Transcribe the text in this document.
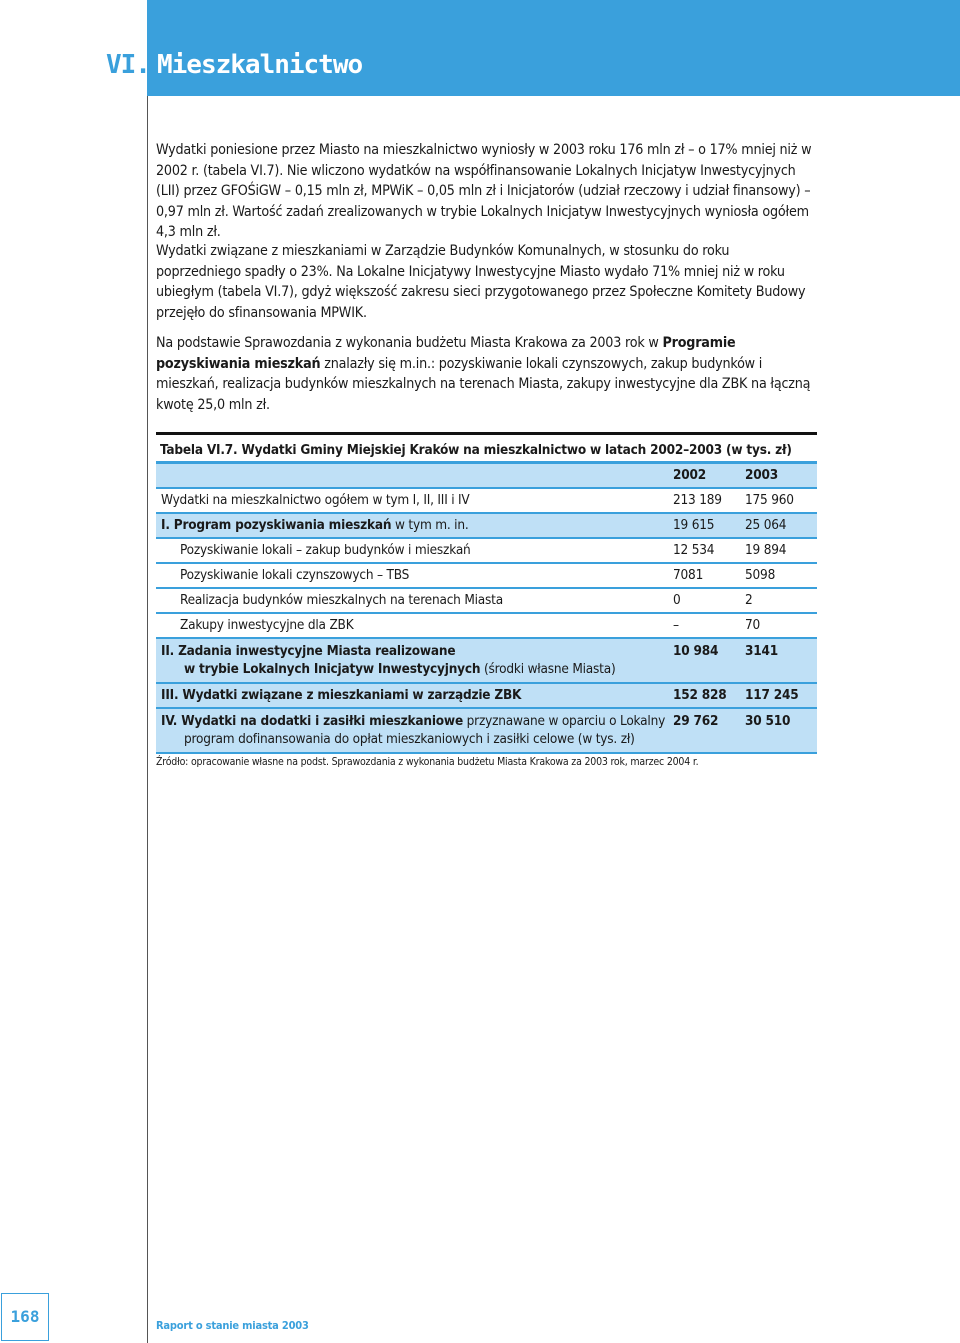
VI. Mieszkalnictwo

Wydatki poniesione przez Miasto na mieszkalnictwo wyniosły w 2003 roku 176 mln zł – o 17% mniej niż w 2002 r. (tabela VI.7). Nie wliczono wydatków na współfinansowanie Lokalnych Inicjatyw Inwestycyjnych (LII) przez GFOŚiGW – 0,15 mln zł, MPWiK – 0,05 mln zł i Inicjatorów (udział rzeczowy i udział finansowy) – 0,97 mln zł. Wartość zadań zrealizowanych w trybie Lokalnych Inicjatyw Inwestycyjnych wyniosła ogółem 4,3 mln zł.

Wydatki związane z mieszkaniami w Zarządzie Budynków Komunalnych, w stosunku do roku poprzedniego spadły o 23%. Na Lokalne Inicjatywy Inwestycyjne Miasto wydało 71% mniej niż w roku ubiegłym (tabela VI.7), gdyż większość zakresu sieci przygotowanego przez Społeczne Komitety Budowy przejęło do sfinansowania MPWIK.

Na podstawie Sprawozdania z wykonania budżetu Miasta Krakowa za 2003 rok w Programie pozyskiwania mieszkań znalazły się m.in.: pozyskiwanie lokali czynszowych, zakup budynków i mieszkań, realizacja budynków mieszkalnych na terenach Miasta, zakupy inwestycyjne dla ZBK na łączną kwotę 25,0 mln zł.

Tabela VI.7. Wydatki Gminy Miejskiej Kraków na mieszkalnictwo w latach 2002–2003 (w tys. zł)
	2002	2003
Wydatki na mieszkalnictwo ogółem w tym I, II, III i IV	213 189	175 960
I. Program pozyskiwania mieszkań w tym m. in.	19 615	25 064
Pozyskiwanie lokali – zakup budynków i mieszkań	12 534	19 894
Pozyskiwanie lokali czynszowych – TBS	7081	5098
Realizacja budynków mieszkalnych na terenach Miasta	0	2
Zakupy inwestycyjne dla ZBK	–	70
II. Zadania inwestycyjne Miasta realizowane

w trybie Lokalnych Inicjatyw Inwestycyjnych (środki własne Miasta)	10 984	3141
III. Wydatki związane z mieszkaniami w zarządzie ZBK	152 828	117 245
IV. Wydatki na dodatki i zasiłki mieszkaniowe przyznawane w oparciu o Lokalny

program dofinansowania do opłat mieszkaniowych i zasiłki celowe (w tys. zł)	29 762	30 510
Źródło: opracowanie własne na podst. Sprawozdania z wykonania budżetu Miasta Krakowa za 2003 rok, marzec 2004 r.
168	Raport o stanie miasta 2003
